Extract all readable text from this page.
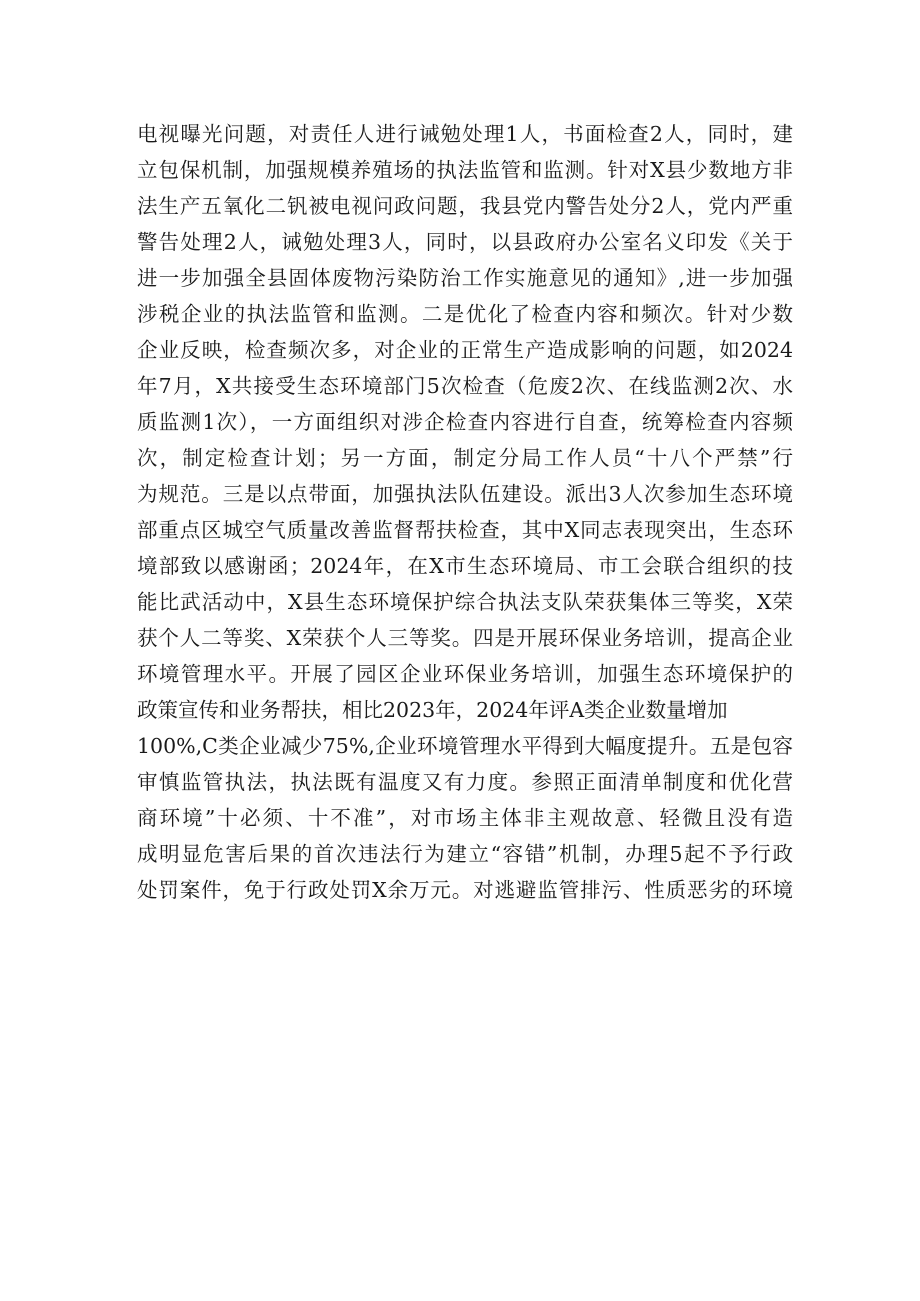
电视曝光问题，对责任人进行诫勉处理1人，书面检查2人，同时，建
立包保机制，加强规模养殖场的执法监管和监测。针对X县少数地方非
法生产五氧化二钒被电视问政问题，我县党内警告处分2人，党内严重
警告处理2人，诫勉处理3人，同时，以县政府办公室名义印发《关于
进一步加强全县固体废物污染防治工作实施意见的通知》,进一步加强
涉税企业的执法监管和监测。二是优化了检查内容和频次。针对少数
企业反映，检查频次多，对企业的正常生产造成影响的问题，如2024
年7月，X共接受生态环境部门5次检查（危废2次、在线监测2次、水
质监测1次），一方面组织对涉企检查内容进行自查，统筹检查内容频
次，制定检查计划；另一方面，制定分局工作人员“十八个严禁”行
为规范。三是以点带面，加强执法队伍建设。派出3人次参加生态环境
部重点区城空气质量改善监督帮扶检查，其中X同志表现突出，生态环
境部致以感谢函；2024年，在X市生态环境局、市工会联合组织的技
能比武活动中，X县生态环境保护综合执法支队荣获集体三等奖，X荣
获个人二等奖、X荣获个人三等奖。四是开展环保业务培训，提高企业
环境管理水平。开展了园区企业环保业务培训，加强生态环境保护的
政策宣传和业务帮扶，相比2023年，2024年评A类企业数量增加
100%,C类企业减少75%,企业环境管理水平得到大幅度提升。五是包容
审慎监管执法，执法既有温度又有力度。参照正面清单制度和优化营
商环境”十必须、十不准”，对市场主体非主观故意、轻微且没有造
成明显危害后果的首次违法行为建立“容错”机制，办理5起不予行政
处罚案件，免于行政处罚X余万元。对逃避监管排污、性质恶劣的环境
